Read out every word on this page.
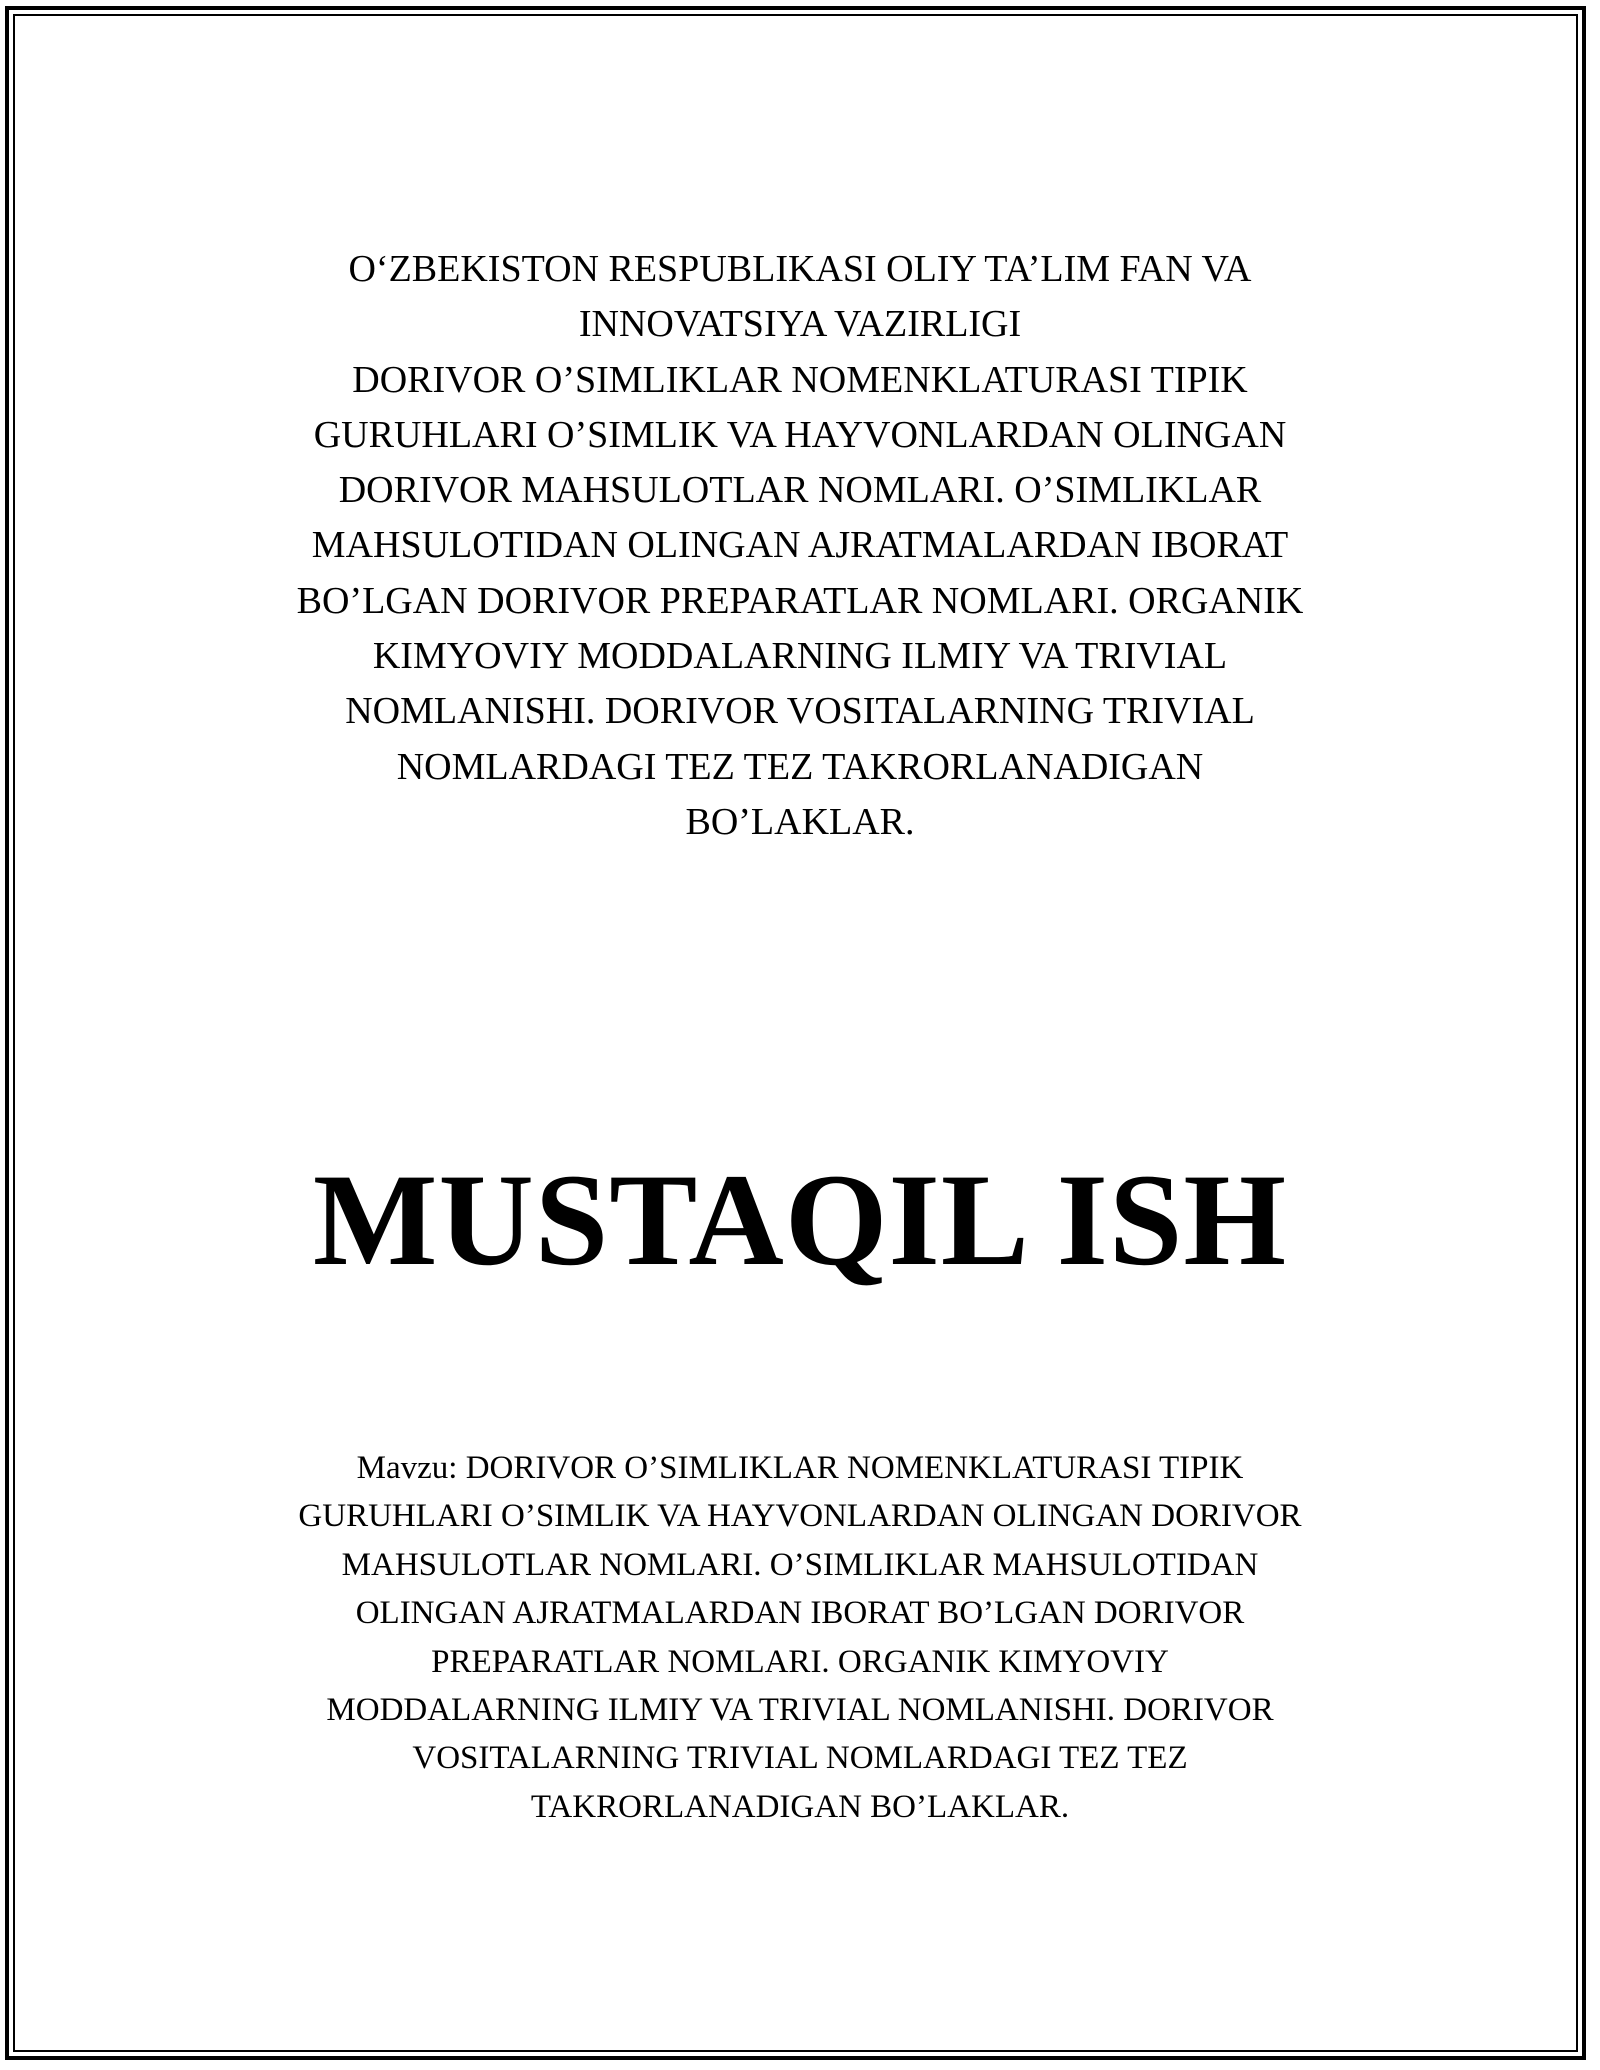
O‘ZBEKISTON RESPUBLIKASI OLIY TA’LIM FAN VA
INNOVATSIYA VAZIRLIGI
DORIVOR O’SIMLIKLAR NOMENKLATURASI TIPIK
GURUHLARI O’SIMLIK VA HAYVONLARDAN OLINGAN
DORIVOR MAHSULOTLAR NOMLARI. O’SIMLIKLAR
MAHSULOTIDAN OLINGAN AJRATMALARDAN IBORAT
BO’LGAN DORIVOR PREPARATLAR NOMLARI. ORGANIK
KIMYOVIY MODDALARNING ILMIY VA TRIVIAL
NOMLANISHI. DORIVOR VOSITALARNING TRIVIAL
NOMLARDAGI TEZ TEZ TAKRORLANADIGAN
BO’LAKLAR.
MUSTAQIL ISH
Mavzu: DORIVOR O’SIMLIKLAR NOMENKLATURASI TIPIK
GURUHLARI O’SIMLIK VA HAYVONLARDAN OLINGAN DORIVOR
MAHSULOTLAR NOMLARI. O’SIMLIKLAR MAHSULOTIDAN
OLINGAN AJRATMALARDAN IBORAT BO’LGAN DORIVOR
PREPARATLAR NOMLARI. ORGANIK KIMYOVIY
MODDALARNING ILMIY VA TRIVIAL NOMLANISHI. DORIVOR
VOSITALARNING TRIVIAL NOMLARDAGI TEZ TEZ
TAKRORLANADIGAN BO’LAKLAR.
